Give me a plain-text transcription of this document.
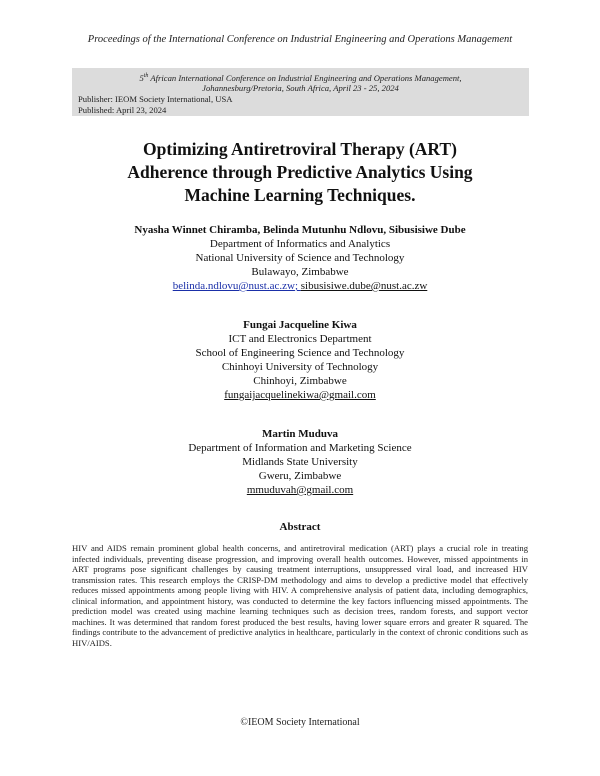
Proceedings of the International Conference on Industrial Engineering and Operations Management
5th African International Conference on Industrial Engineering and Operations Management,
Johannesburg/Pretoria, South Africa, April 23 - 25, 2024
Publisher: IEOM Society International, USA
Published: April 23, 2024
Optimizing Antiretroviral Therapy (ART)
Adherence through Predictive Analytics Using
Machine Learning Techniques.
Nyasha Winnet Chiramba, Belinda Mutunhu Ndlovu, Sibusisiwe Dube
Department of Informatics and Analytics
National University of Science and Technology
Bulawayo, Zimbabwe
belinda.ndlovu@nust.ac.zw; sibusisiwe.dube@nust.ac.zw
Fungai Jacqueline Kiwa
ICT and Electronics Department
School of Engineering Science and Technology
Chinhoyi University of Technology
Chinhoyi, Zimbabwe
fungaijacquelinekiwa@gmail.com
Martin Muduva
Department of Information and Marketing Science
Midlands State University
Gweru, Zimbabwe
mmuduvah@gmail.com
Abstract
HIV and AIDS remain prominent global health concerns, and antiretroviral medication (ART) plays a crucial role in treating infected individuals, preventing disease progression, and improving overall health outcomes. However, missed appointments in ART programs pose significant challenges by causing treatment interruptions, unsuppressed viral load, and increased HIV transmission rates. This research employs the CRISP-DM methodology and aims to develop a predictive model that effectively reduces missed appointments among people living with HIV. A comprehensive analysis of patient data, including demographics, clinical information, and appointment history, was conducted to determine the key factors influencing missed appointments. The prediction model was created using machine learning techniques such as decision trees, random forests, and support vector machines. It was determined that random forest produced the best results, having lower square errors and greater R squared. The findings contribute to the advancement of predictive analytics in healthcare, particularly in the context of chronic conditions such as HIV/AIDS.
©IEOM Society International
